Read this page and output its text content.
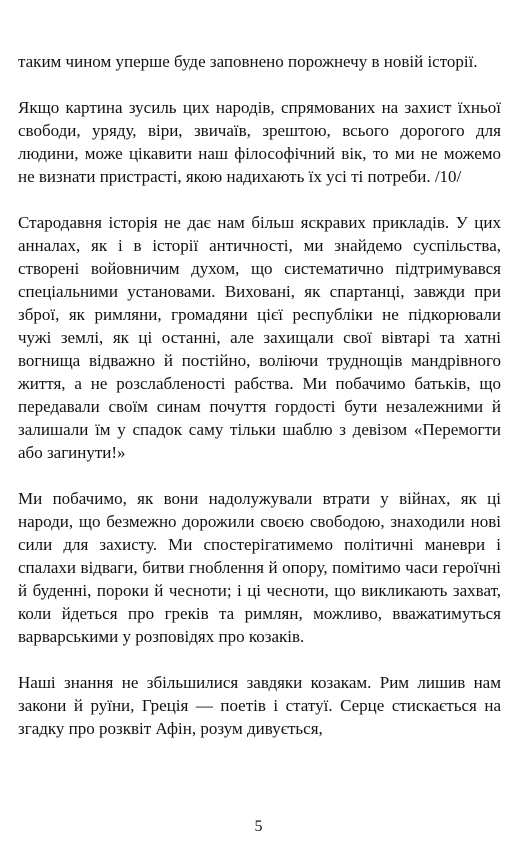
таким чином уперше буде заповнено порожнечу в новій історії.

Якщо картина зусиль цих народів, спрямованих на захист їхньої свободи, уряду, віри, звичаїв, зрештою, всього дорогого для людини, може цікавити наш філософічний вік, то ми не можемо не визнати пристрасті, якою надихають їх усі ті потреби. /10/

Стародавня історія не дає нам більш яскравих прикладів. У цих анналах, як і в історії античності, ми знайдемо суспільства, створені войовничим духом, що систематично підтримувався спеціальними установами. Виховані, як спартанці, завжди при зброї, як римляни, громадяни цієї республіки не підкорювали чужі землі, як ці останні, але захищали свої вівтарі та хатні вогнища відважно й постійно, воліючи труднощів мандрівного життя, а не розслабленості рабства. Ми побачимо батьків, що передавали своїм синам почуття гордості бути незалежними й залишали їм у спадок саму тільки шаблю з девізом «Перемогти або загинути!»

Ми побачимо, як вони надолужували втрати у війнах, як ці народи, що безмежно дорожили своєю свободою, знаходили нові сили для захисту. Ми спостерігатимемо політичні маневри і спалахи відваги, битви гноблення й опору, помітимо часи героїчні й буденні, пороки й чесноти; і ці чесноти, що викликають захват, коли йдеться про греків та римлян, можливо, вважатимуться варварськими у розповідях про козаків.

Наші знання не збільшилися завдяки козакам. Рим лишив нам закони й руїни, Греція — поетів і статуї. Серце стискається на згадку про розквіт Афін, розум дивується,

5
